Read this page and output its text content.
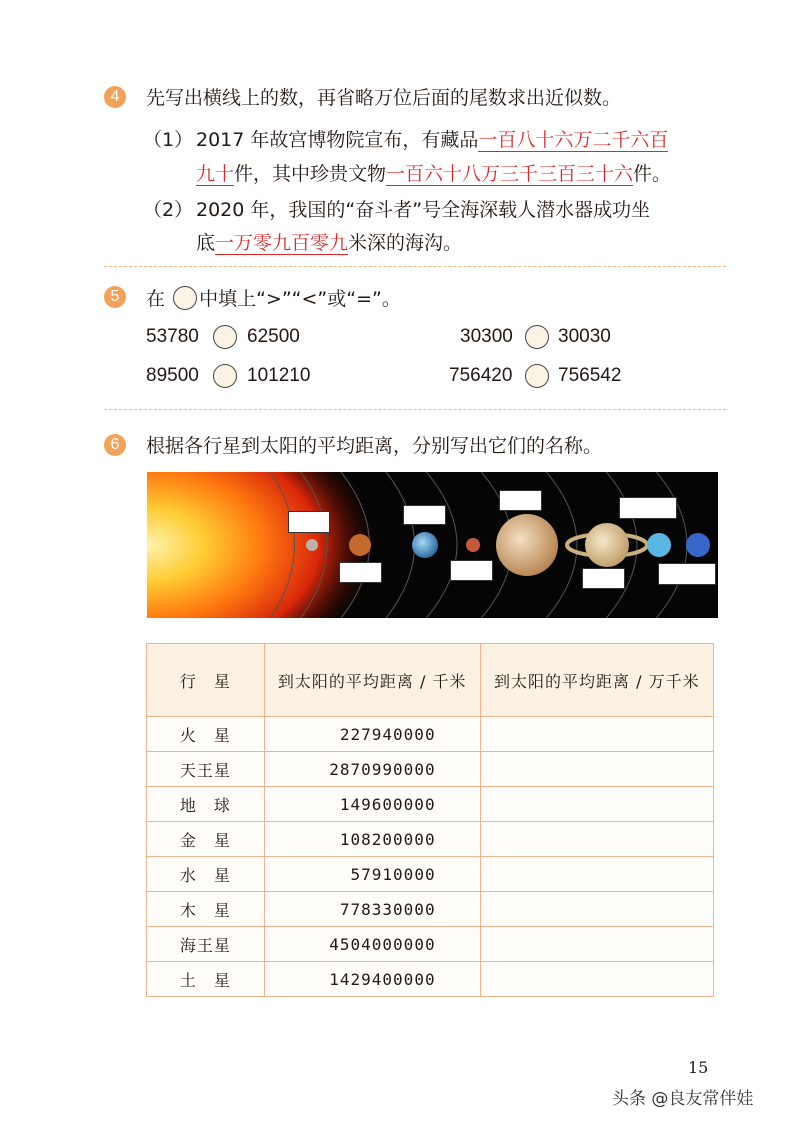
4	先写出横线上的数，再省略万位后面的尾数求出近似数。
（1） 2017 年故宫博物院宣布，有藏品一百八十六万二千六百
九十件，其中珍贵文物一百六十八万三千三百三十六件。
（2） 2020 年，我国的“奋斗者”号全海深载人潜水器成功坐
底一万零九百零九米深的海沟。
5	在 中填上“>”“<”或“=”。
53780	62500	30300 30030
89500	101210	756420 756542
6	根据各行星到太阳的平均距离，分别写出它们的名称。

行　星	到太阳的平均距离 / 千米	到太阳的平均距离 / 万千米
火　星	227940000	
天王星	2870990000	
地　球	149600000	
金　星	108200000	
水　星	57910000	
木　星	778330000	
海王星	4504000000	
土　星	1429400000	
15
头条 @良友常伴娃
